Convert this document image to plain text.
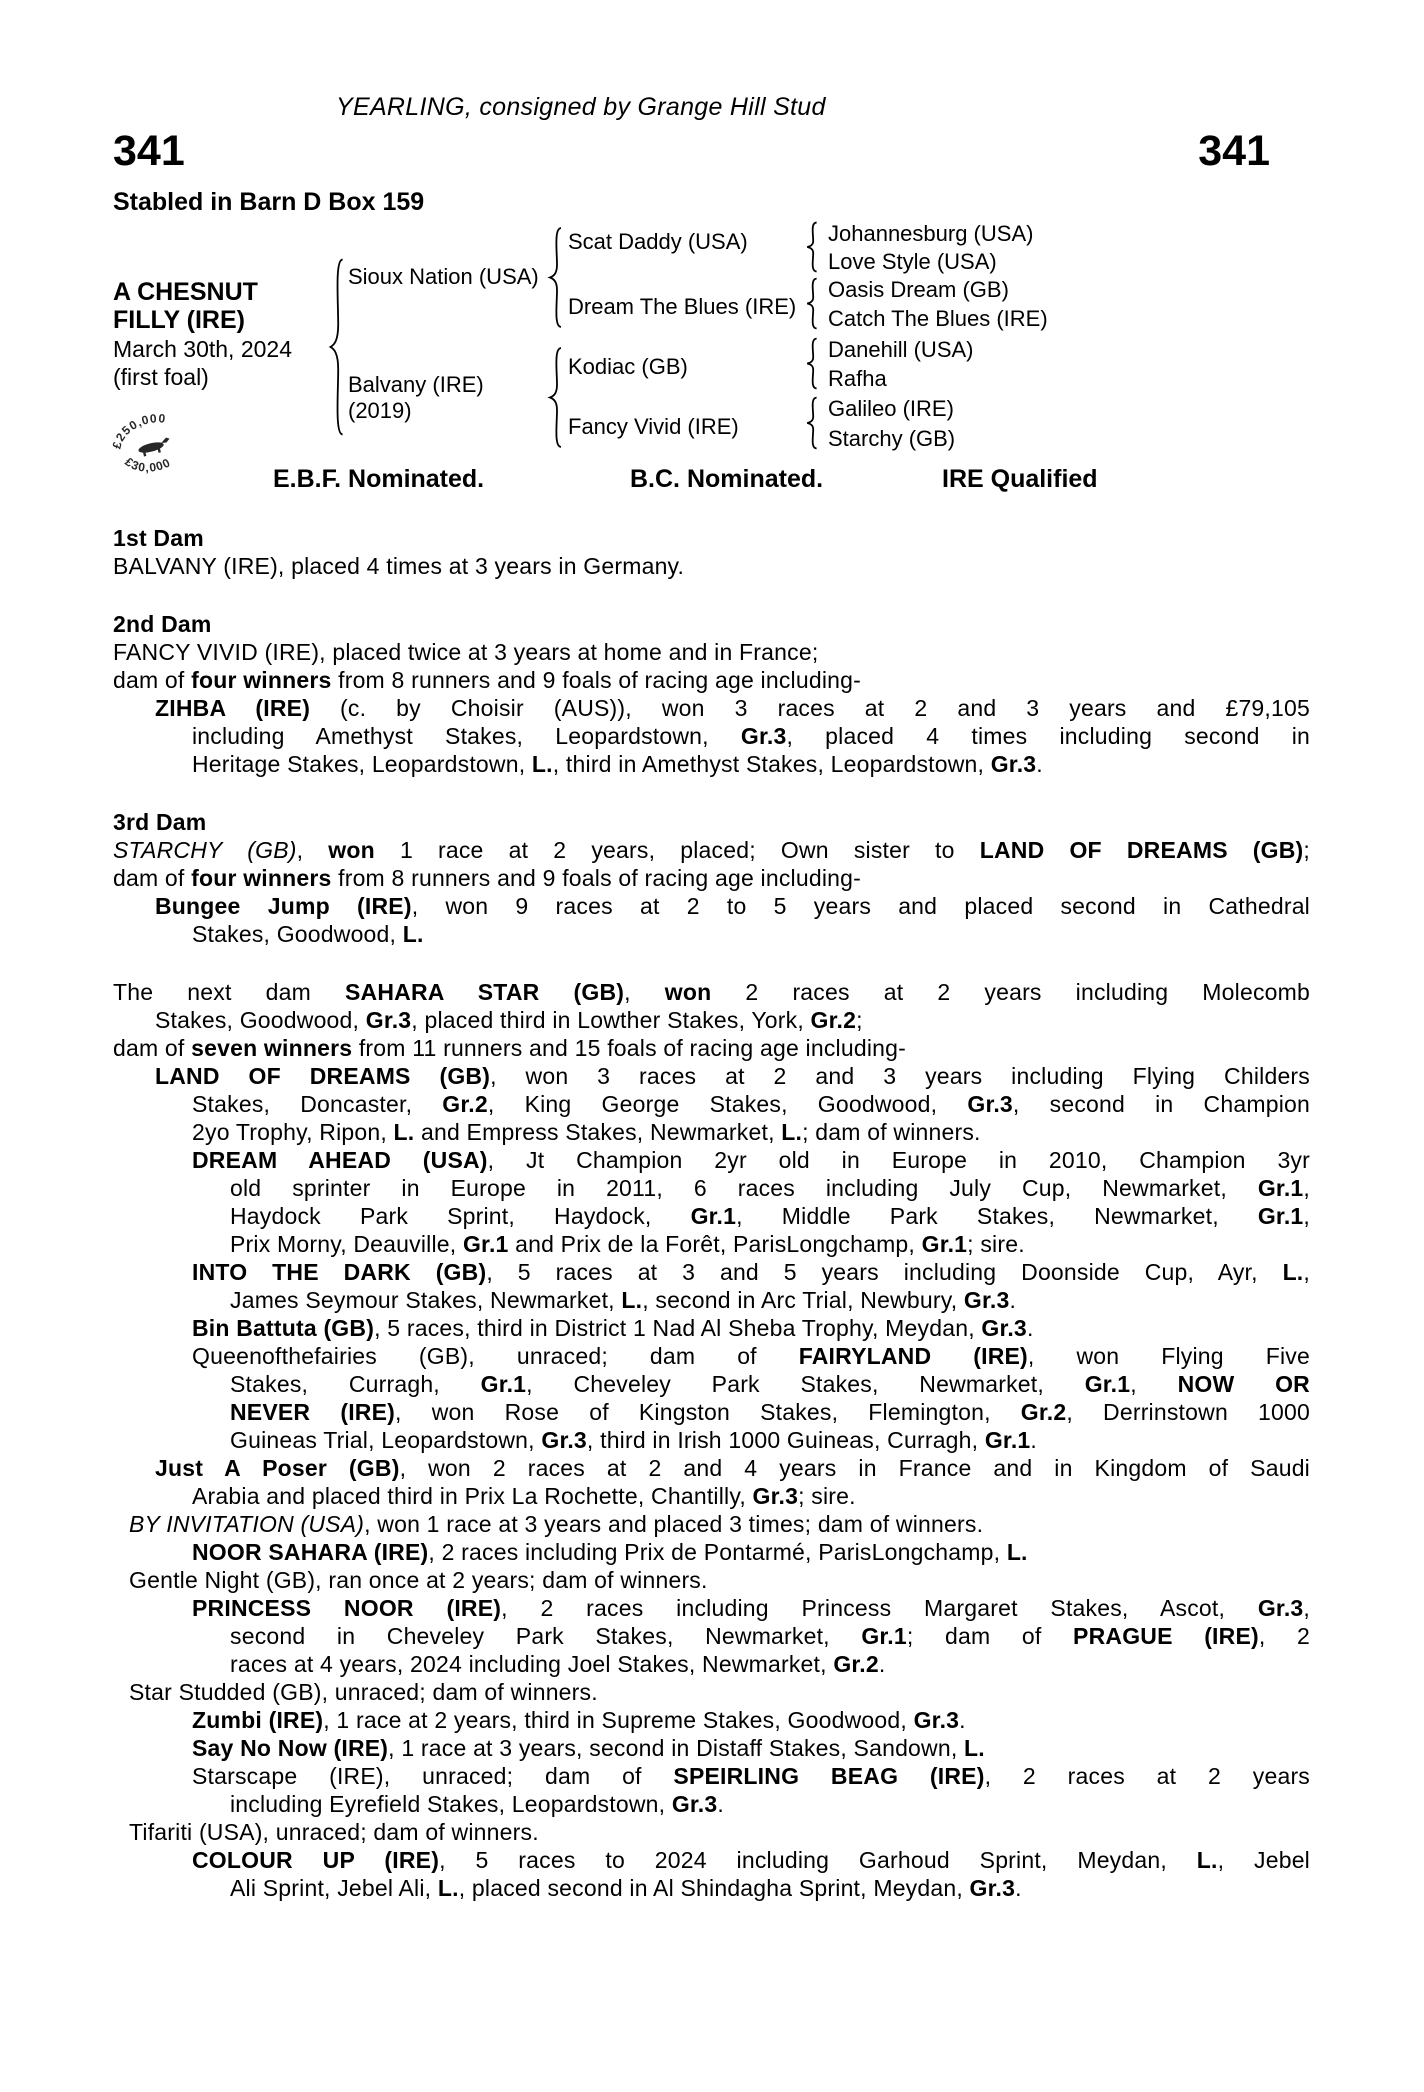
YEARLING, consigned by Grange Hill Stud
341	341
Stabled in Barn D Box 159
A CHESNUT
FILLY (IRE)
March 30th, 2024
(first foal)
Sioux Nation (USA)
Balvany (IRE)
(2019)
Scat Daddy (USA)
Dream The Blues (IRE)
Kodiac (GB)
Fancy Vivid (IRE)
Johannesburg (USA)
Love Style (USA)
Oasis Dream (GB)
Catch The Blues (IRE)
Danehill (USA)
Rafha
Galileo (IRE)
Starchy (GB)
£250,000
£30,000
E.B.F. Nominated.	B.C. Nominated.	IRE Qualified
1st Dam
BALVANY (IRE), placed 4 times at 3 years in Germany.
2nd Dam
FANCY VIVID (IRE), placed twice at 3 years at home and in France;
dam of four winners from 8 runners and 9 foals of racing age including-
ZIHBA (IRE) (c. by Choisir (AUS)), won 3 races at 2 and 3 years and £79,105
including Amethyst Stakes, Leopardstown, Gr.3, placed 4 times including second in
Heritage Stakes, Leopardstown, L., third in Amethyst Stakes, Leopardstown, Gr.3.
3rd Dam
STARCHY (GB), won 1 race at 2 years, placed; Own sister to LAND OF DREAMS (GB);
dam of four winners from 8 runners and 9 foals of racing age including-
Bungee Jump (IRE), won 9 races at 2 to 5 years and placed second in Cathedral
Stakes, Goodwood, L.
The next dam SAHARA STAR (GB), won 2 races at 2 years including Molecomb
Stakes, Goodwood, Gr.3, placed third in Lowther Stakes, York, Gr.2;
dam of seven winners from 11 runners and 15 foals of racing age including-
LAND OF DREAMS (GB), won 3 races at 2 and 3 years including Flying Childers
Stakes, Doncaster, Gr.2, King George Stakes, Goodwood, Gr.3, second in Champion
2yo Trophy, Ripon, L. and Empress Stakes, Newmarket, L.; dam of winners.
DREAM AHEAD (USA), Jt Champion 2yr old in Europe in 2010, Champion 3yr
old sprinter in Europe in 2011, 6 races including July Cup, Newmarket, Gr.1,
Haydock Park Sprint, Haydock, Gr.1, Middle Park Stakes, Newmarket, Gr.1,
Prix Morny, Deauville, Gr.1 and Prix de la Forêt, ParisLongchamp, Gr.1; sire.
INTO THE DARK (GB), 5 races at 3 and 5 years including Doonside Cup, Ayr, L.,
James Seymour Stakes, Newmarket, L., second in Arc Trial, Newbury, Gr.3.
Bin Battuta (GB), 5 races, third in District 1 Nad Al Sheba Trophy, Meydan, Gr.3.
Queenofthefairies (GB), unraced; dam of FAIRYLAND (IRE), won Flying Five
Stakes, Curragh, Gr.1, Cheveley Park Stakes, Newmarket, Gr.1, NOW OR
NEVER (IRE), won Rose of Kingston Stakes, Flemington, Gr.2, Derrinstown 1000
Guineas Trial, Leopardstown, Gr.3, third in Irish 1000 Guineas, Curragh, Gr.1.
Just A Poser (GB), won 2 races at 2 and 4 years in France and in Kingdom of Saudi
Arabia and placed third in Prix La Rochette, Chantilly, Gr.3; sire.
BY INVITATION (USA), won 1 race at 3 years and placed 3 times; dam of winners.
NOOR SAHARA (IRE), 2 races including Prix de Pontarmé, ParisLongchamp, L.
Gentle Night (GB), ran once at 2 years; dam of winners.
PRINCESS NOOR (IRE), 2 races including Princess Margaret Stakes, Ascot, Gr.3,
second in Cheveley Park Stakes, Newmarket, Gr.1; dam of PRAGUE (IRE), 2
races at 4 years, 2024 including Joel Stakes, Newmarket, Gr.2.
Star Studded (GB), unraced; dam of winners.
Zumbi (IRE), 1 race at 2 years, third in Supreme Stakes, Goodwood, Gr.3.
Say No Now (IRE), 1 race at 3 years, second in Distaff Stakes, Sandown, L.
Starscape (IRE), unraced; dam of SPEIRLING BEAG (IRE), 2 races at 2 years
including Eyrefield Stakes, Leopardstown, Gr.3.
Tifariti (USA), unraced; dam of winners.
COLOUR UP (IRE), 5 races to 2024 including Garhoud Sprint, Meydan, L., Jebel
Ali Sprint, Jebel Ali, L., placed second in Al Shindagha Sprint, Meydan, Gr.3.
